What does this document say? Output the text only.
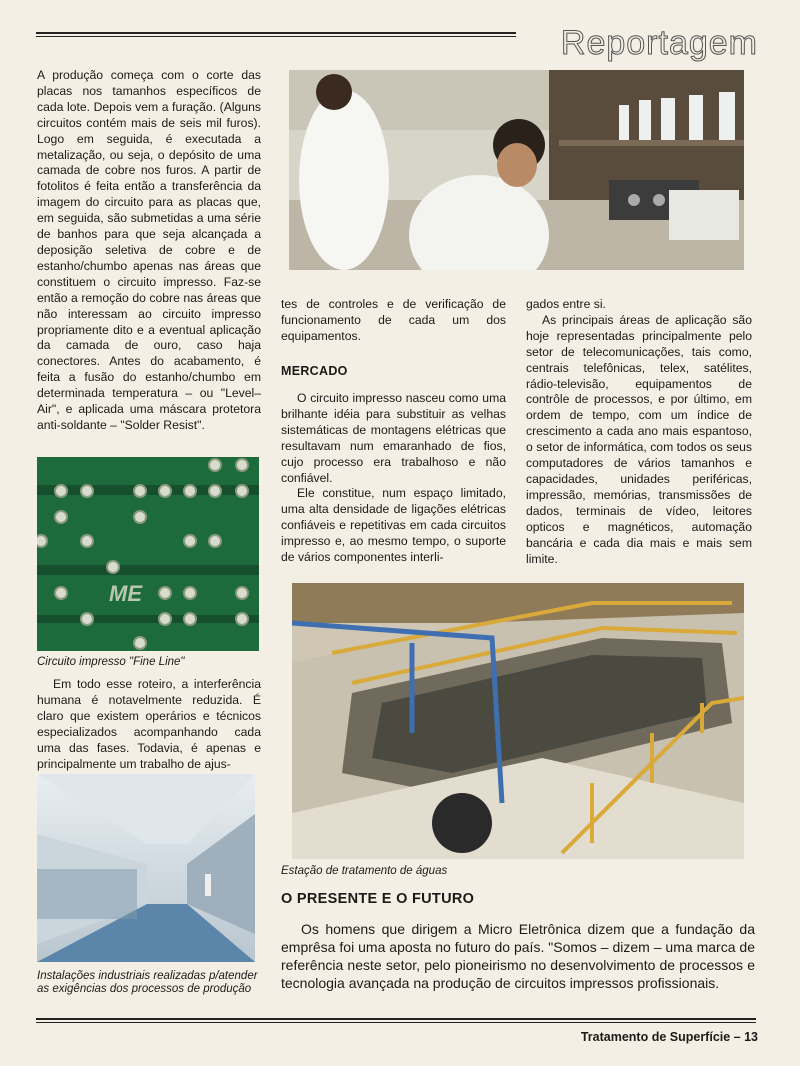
Reportagem

A produção começa com o corte das placas nos tamanhos específicos de cada lote. Depois vem a furação. (Alguns circuitos contém mais de seis mil furos). Logo em seguida, é executada a metalização, ou seja, o depósito de uma camada de cobre nos furos. A partir de fotolitos é feita então a transferência da imagem do circuito para as placas que, em seguida, são submetidas a uma série de banhos para que seja alcançada a deposição seletiva de cobre e de estanho/chumbo apenas nas áreas que constituem o circuito impresso. Faz-se então a remoção do cobre nas áreas que não interessam ao circuito impresso propriamente dito e a eventual aplicação da camada de ouro, caso haja conectores. Antes do acabamento, é feita a fusão do estanho/chumbo em determinada temperatura – ou "Level–Air", e aplicada uma máscara protetora anti-soldante – "Solder Resist".

ME
Circuito impresso "Fine Line"

Em todo esse roteiro, a interferência humana é notavelmente reduzida. É claro que existem operários e técnicos especializados acompanhando cada uma das fases. Todavia, é apenas e principalmente um trabalho de ajus-

Instalações industriais realizadas p/atender as exigências dos processos de produção

tes de controles e de verificação de funcionamento de cada um dos equipamentos.

MERCADO

O circuito impresso nasceu como uma brilhante idéia para substituir as velhas sistemáticas de montagens elétricas que resultavam num emaranhado de fios, cujo processo era trabalhoso e não confiável.

Ele constitue, num espaço limitado, uma alta densidade de ligações elétricas confiáveis e repetitivas em cada circuitos impresso e, ao mesmo tempo, o suporte de vários componentes interli-

gados entre si.

As principais áreas de aplicação são hoje representadas principalmente pelo setor de telecomunicações, tais como, centrais telefônicas, telex, satélites, rádio-televisão, equipamentos de contrôle de processos, e por último, em ordem de tempo, com um índice de crescimento a cada ano mais espantoso, o setor de informática, com todos os seus computadores de vários tamanhos e capacidades, unidades periféricas, impressão, memórias, transmissões de dados, terminais de vídeo, leitores opticos e magnéticos, automação bancária e cada dia mais e mais sem limite.

Estação de tratamento de águas
O PRESENTE E O FUTURO
Os homens que dirigem a Micro Eletrônica dizem que a fundação da emprêsa foi uma aposta no futuro do país. "Somos – dizem – uma marca de referência neste setor, pelo pioneirismo no desenvolvimento de processos e tecnologia avançada na produção de circuitos impressos profissionais.
Tratamento de Superfície – 13
